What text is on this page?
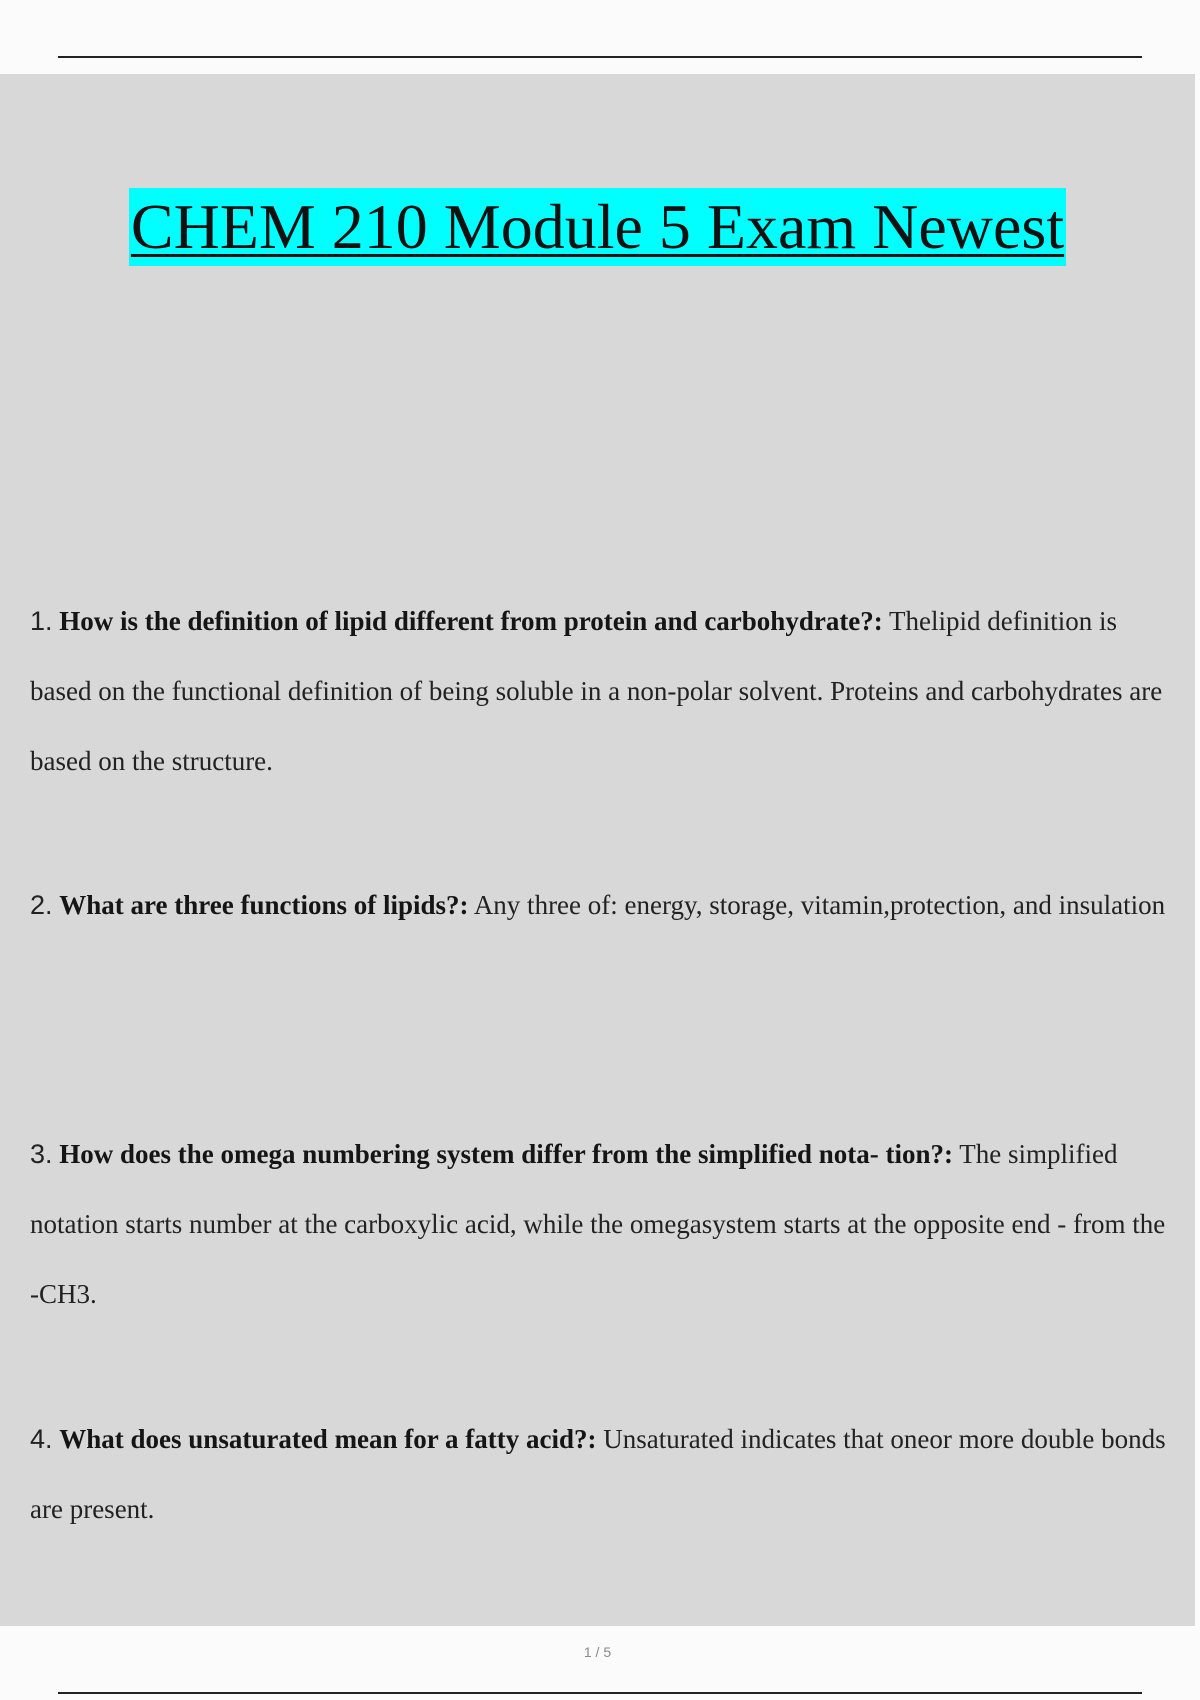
CHEM 210 Module 5 Exam Newest
1. How is the definition of lipid different from protein and carbohydrate?: Thelipid definition is based on the functional definition of being soluble in a non-polar solvent. Proteins and carbohydrates are based on the structure.
2. What are three functions of lipids?: Any three of: energy, storage, vitamin,protection, and insulation
3. How does the omega numbering system differ from the simplified nota- tion?: The simplified notation starts number at the carboxylic acid, while the omegasystem starts at the opposite end - from the -CH3.
4. What does unsaturated mean for a fatty acid?: Unsaturated indicates that oneor more double bonds are present.
1 / 5
